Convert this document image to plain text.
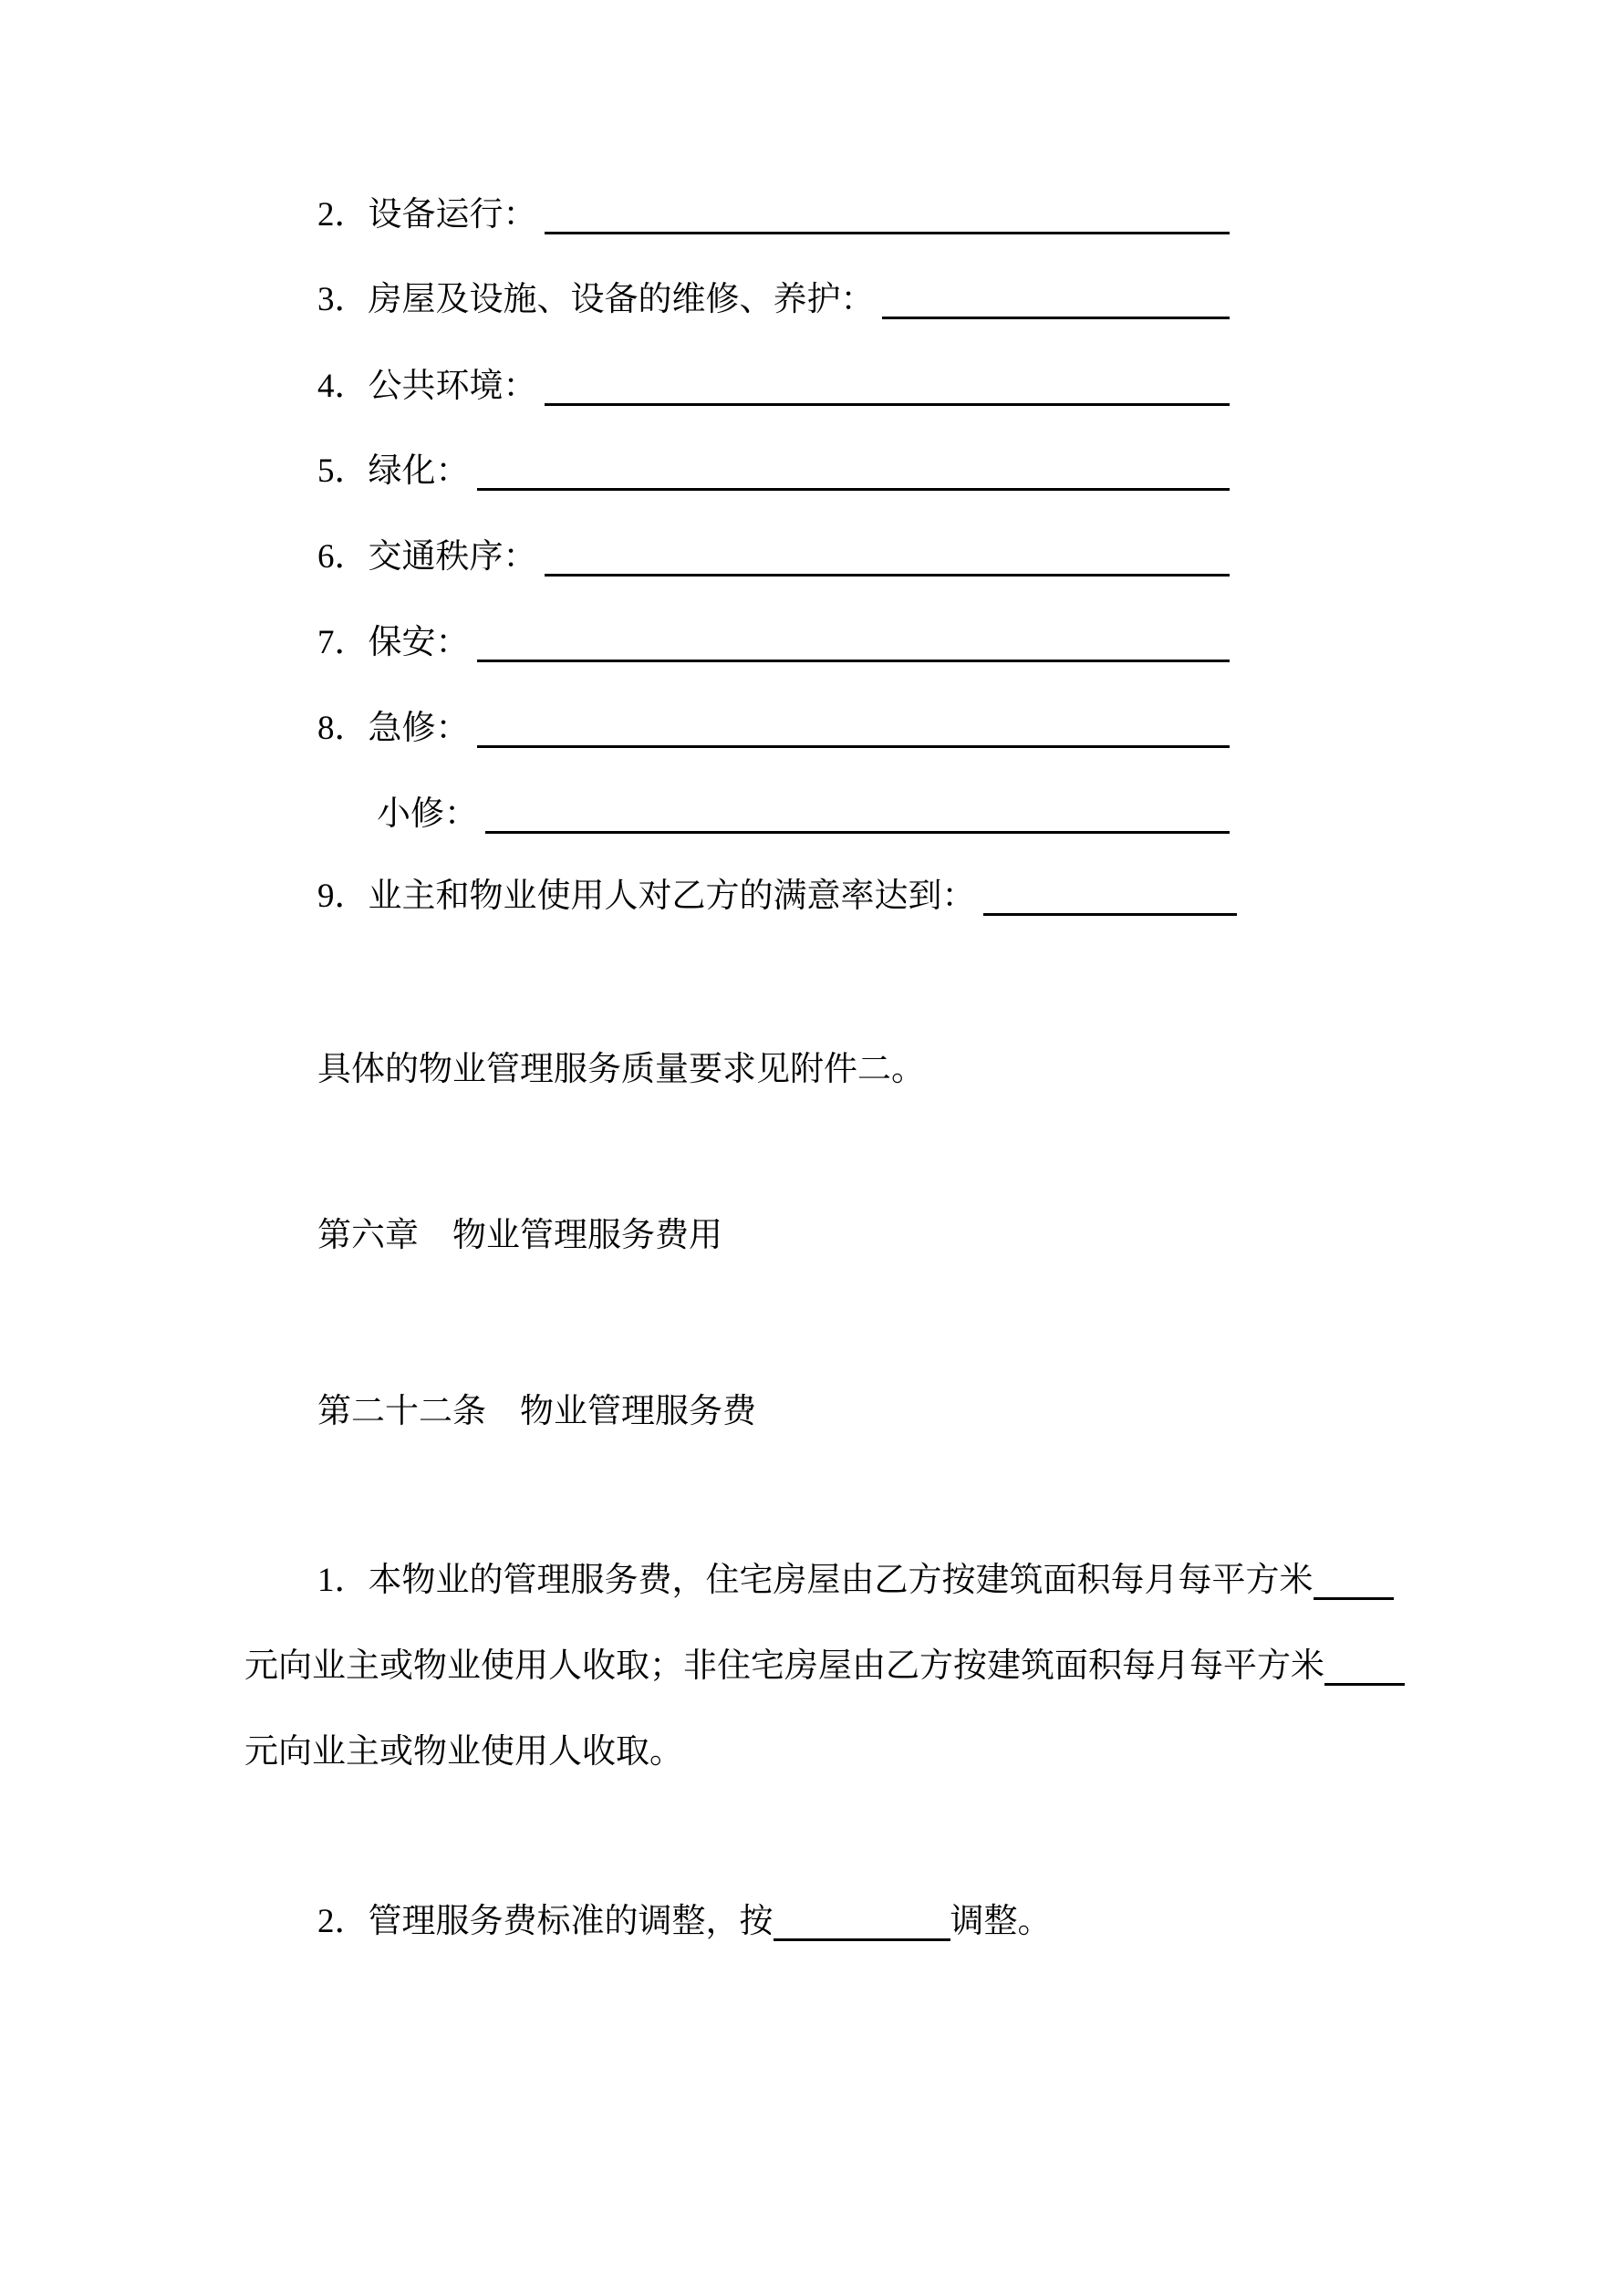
2．设备运行：
3．房屋及设施、设备的维修、养护：
4．公共环境：
5．绿化：
6．交通秩序：
7．保安：
8．急修：
小修：
9．业主和物业使用人对乙方的满意率达到：
具体的物业管理服务质量要求见附件二。
第六章　物业管理服务费用
第二十二条　物业管理服务费
1．本物业的管理服务费，住宅房屋由乙方按建筑面积每月每平方米
元向业主或物业使用人收取；非住宅房屋由乙方按建筑面积每月每平方米
元向业主或物业使用人收取。
2．管理服务费标准的调整，按	调整。
